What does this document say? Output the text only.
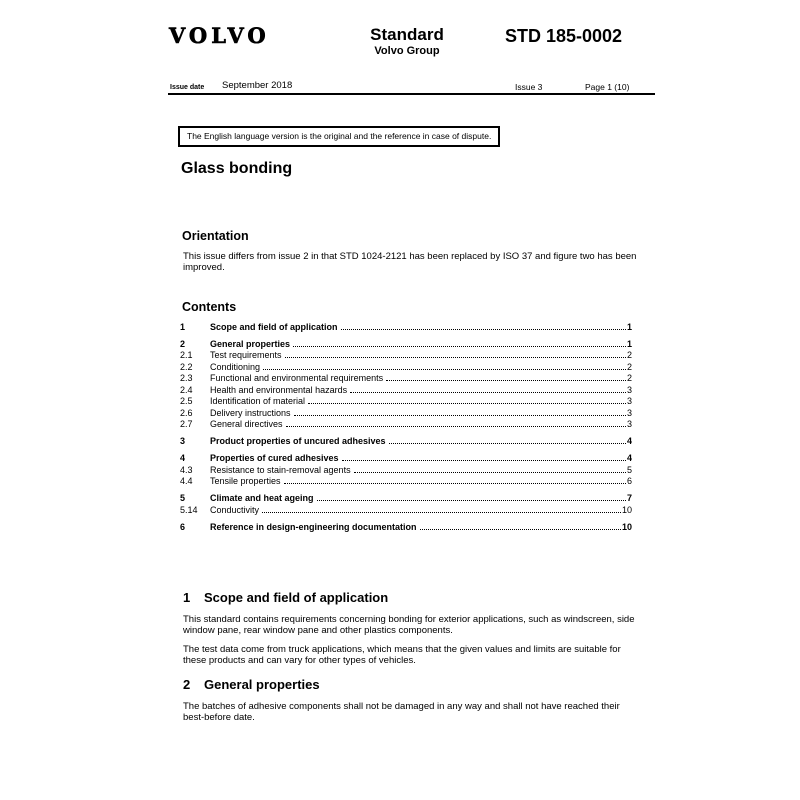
VOLVO	Standard
Volvo Group
STD 185-0002
Issue date September 2018	Issue 3	Page 1 (10)
The English language version is the original and the reference in case of dispute.
Glass bonding
Orientation
This issue differs from issue 2 in that STD 1024-2121 has been replaced by ISO 37 and figure two has been improved.
Contents
1	Scope and field of application	1
2	General properties	1
2.1	Test requirements	2
2.2	Conditioning	2
2.3	Functional and environmental requirements	2
2.4	Health and environmental hazards	3
2.5	Identification of material	3
2.6	Delivery instructions	3
2.7	General directives	3
3	Product properties of uncured adhesives	4
4	Properties of cured adhesives	4
4.3	Resistance to stain-removal agents	5
4.4	Tensile properties	6
5	Climate and heat ageing	7
5.14	Conductivity	10
6	Reference in design-engineering documentation	10
1 Scope and field of application
This standard contains requirements concerning bonding for exterior applications, such as windscreen, side window pane, rear window pane and other plastics components.
The test data come from truck applications, which means that the given values and limits are suitable for these products and can vary for other types of vehicles.
2 General properties
The batches of adhesive components shall not be damaged in any way and shall not have reached their best-before date.
